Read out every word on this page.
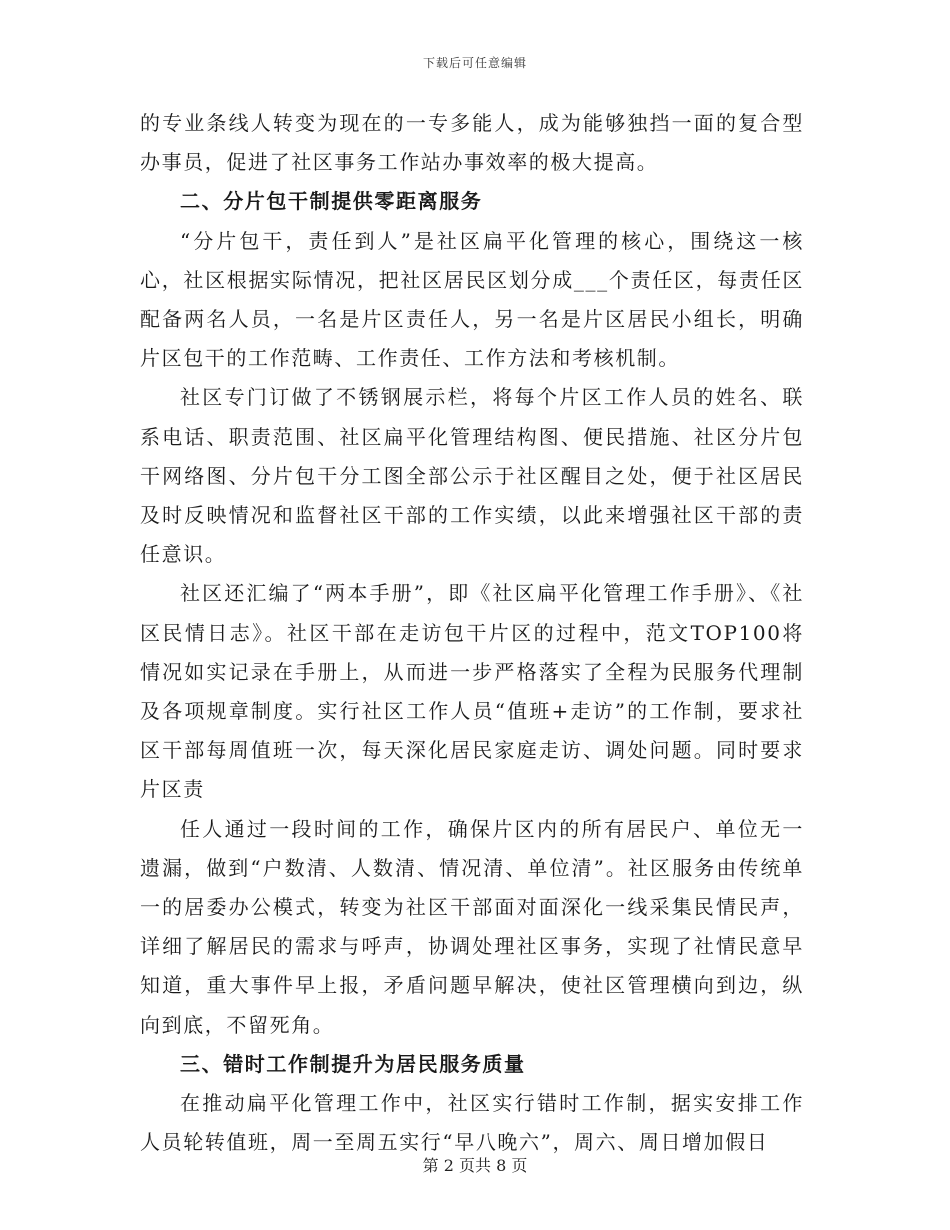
下载后可任意编辑

的专业条线人转变为现在的一专多能人，成为能够独挡一面的复合型办事员，促进了社区事务工作站办事效率的极大提高。

二、分片包干制提供零距离服务

“分片包干，责任到人”是社区扁平化管理的核心，围绕这一核心，社区根据实际情况，把社区居民区划分成___个责任区，每责任区配备两名人员，一名是片区责任人，另一名是片区居民小组长，明确片区包干的工作范畴、工作责任、工作方法和考核机制。

社区专门订做了不锈钢展示栏，将每个片区工作人员的姓名、联系电话、职责范围、社区扁平化管理结构图、便民措施、社区分片包干网络图、分片包干分工图全部公示于社区醒目之处，便于社区居民及时反映情况和监督社区干部的工作实绩，以此来增强社区干部的责任意识。

社区还汇编了“两本手册”，即《社区扁平化管理工作手册》、《社区民情日志》。社区干部在走访包干片区的过程中，范文TOP100将情况如实记录在手册上，从而进一步严格落实了全程为民服务代理制及各项规章制度。实行社区工作人员“值班+走访”的工作制，要求社区干部每周值班一次，每天深化居民家庭走访、调处问题。同时要求片区责

任人通过一段时间的工作，确保片区内的所有居民户、单位无一遗漏，做到“户数清、人数清、情况清、单位清”。社区服务由传统单一的居委办公模式，转变为社区干部面对面深化一线采集民情民声，详细了解居民的需求与呼声，协调处理社区事务，实现了社情民意早知道，重大事件早上报，矛盾问题早解决，使社区管理横向到边，纵向到底，不留死角。

三、错时工作制提升为居民服务质量

在推动扁平化管理工作中，社区实行错时工作制，据实安排工作人员轮转值班，周一至周五实行“早八晚六”，周六、周日增加假日

第 2 页共 8 页
